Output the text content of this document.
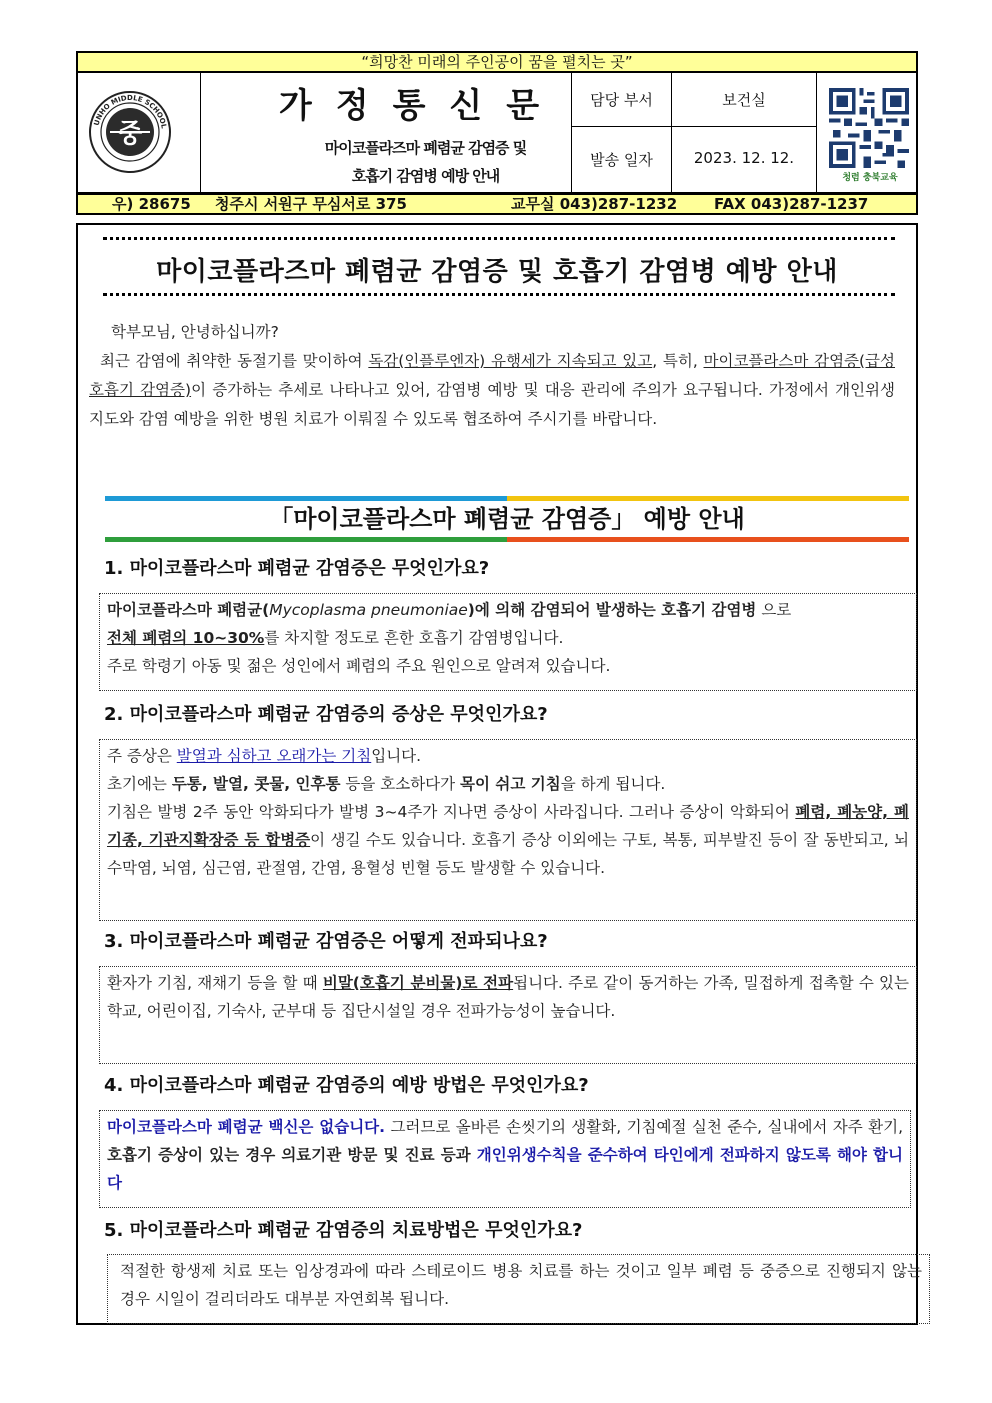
“희망찬 미래의 주인공이 꿈을 펼치는 곳”
중
UNHO MIDDLE SCHOOL
가정통신문
마이코플라즈마 폐렴균 감염증 및
호흡기 감염병 예방 안내
담당 부서	보건실
발송 일자	2023. 12. 12.
청렴 충북교육
우) 28675 청주시 서원구 무심서로 375	교무실 043)287-1232 FAX 043)287-1237
마이코플라즈마 폐렴균 감염증 및 호흡기 감염병 예방 안내
학부모님, 안녕하십니까?
최근 감염에 취약한 동절기를 맞이하여 독감(인플루엔자) 유행세가 지속되고 있고, 특히, 마이코플라스마 감염증(급성호흡기 감염증)이 증가하는 추세로 나타나고 있어, 감염병 예방 및 대응 관리에 주의가 요구됩니다. 가정에서 개인위생 지도와 감염 예방을 위한 병원 치료가 이뤄질 수 있도록 협조하여 주시기를 바랍니다.
「마이코플라스마 폐렴균 감염증」 예방 안내
1. 마이코플라스마 폐렴균 감염증은 무엇인가요?
마이코플라스마 폐렴균(Mycoplasma pneumoniae)에 의해 감염되어 발생하는 호흡기 감염병 으로
전체 폐렴의 10~30%를 차지할 정도로 흔한 호흡기 감염병입니다.
주로 학령기 아동 및 젊은 성인에서 폐렴의 주요 원인으로 알려져 있습니다.
2. 마이코플라스마 폐렴균 감염증의 증상은 무엇인가요?
주 증상은 발열과 심하고 오래가는 기침입니다.
초기에는 두통, 발열, 콧물, 인후통 등을 호소하다가 목이 쉬고 기침을 하게 됩니다.
기침은 발병 2주 동안 악화되다가 발병 3~4주가 지나면 증상이 사라집니다. 그러나 증상이 악화되어 폐렴, 폐농양, 폐기종, 기관지확장증 등 합병증이 생길 수도 있습니다. 호흡기 증상 이외에는 구토, 복통, 피부발진 등이 잘 동반되고, 뇌수막염, 뇌염, 심근염, 관절염, 간염, 용혈성 빈혈 등도 발생할 수 있습니다.
3. 마이코플라스마 폐렴균 감염증은 어떻게 전파되나요?
환자가 기침, 재채기 등을 할 때 비말(호흡기 분비물)로 전파됩니다. 주로 같이 동거하는 가족, 밀접하게 접촉할 수 있는 학교, 어린이집, 기숙사, 군부대 등 집단시설일 경우 전파가능성이 높습니다.
4. 마이코플라스마 폐렴균 감염증의 예방 방법은 무엇인가요?
마이코플라스마 폐렴균 백신은 없습니다. 그러므로 올바른 손씻기의 생활화, 기침예절 실천 준수, 실내에서 자주 환기, 호흡기 증상이 있는 경우 의료기관 방문 및 진료 등과 개인위생수칙을 준수하여 타인에게 전파하지 않도록 해야 합니다
5. 마이코플라스마 폐렴균 감염증의 치료방법은 무엇인가요?
적절한 항생제 치료 또는 임상경과에 따라 스테로이드 병용 치료를 하는 것이고 일부 폐렴 등 중증으로 진행되지 않는 경우 시일이 걸리더라도 대부분 자연회복 됩니다.
